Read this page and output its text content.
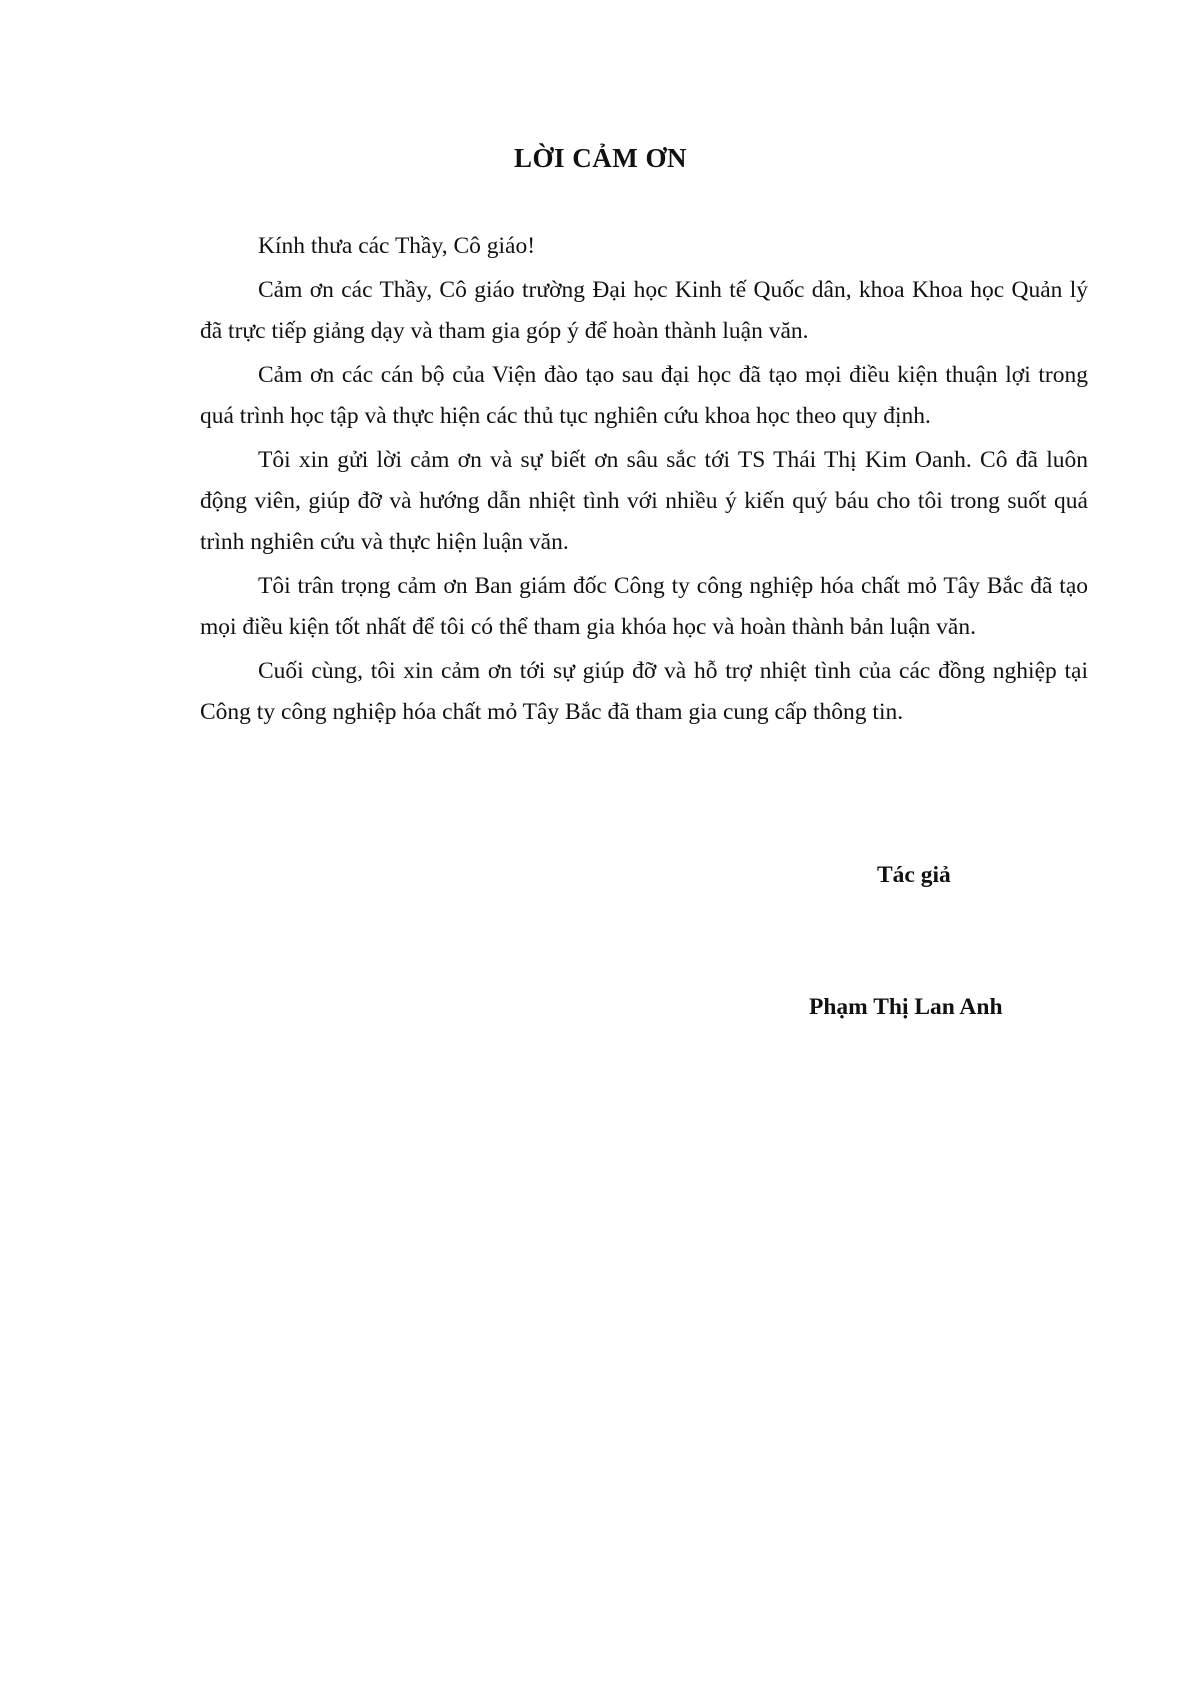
LỜI CẢM ƠN

Kính thưa các Thầy, Cô giáo!

Cảm ơn các Thầy, Cô giáo trường Đại học Kinh tế Quốc dân, khoa Khoa học Quản lý đã trực tiếp giảng dạy và tham gia góp ý để hoàn thành luận văn.

Cảm ơn các cán bộ của Viện đào tạo sau đại học đã tạo mọi điều kiện thuận lợi trong quá trình học tập và thực hiện các thủ tục nghiên cứu khoa học theo quy định.

Tôi xin gửi lời cảm ơn và sự biết ơn sâu sắc tới TS Thái Thị Kim Oanh. Cô đã luôn động viên, giúp đỡ và hướng dẫn nhiệt tình với nhiều ý kiến quý báu cho tôi trong suốt quá trình nghiên cứu và thực hiện luận văn.

Tôi trân trọng cảm ơn Ban giám đốc Công ty công nghiệp hóa chất mỏ Tây Bắc đã tạo mọi điều kiện tốt nhất để tôi có thể tham gia khóa học và hoàn thành bản luận văn.

Cuối cùng, tôi xin cảm ơn tới sự giúp đỡ và hỗ trợ nhiệt tình của các đồng nghiệp tại Công ty công nghiệp hóa chất mỏ Tây Bắc đã tham gia cung cấp thông tin.

Tác giả

Phạm Thị Lan Anh
